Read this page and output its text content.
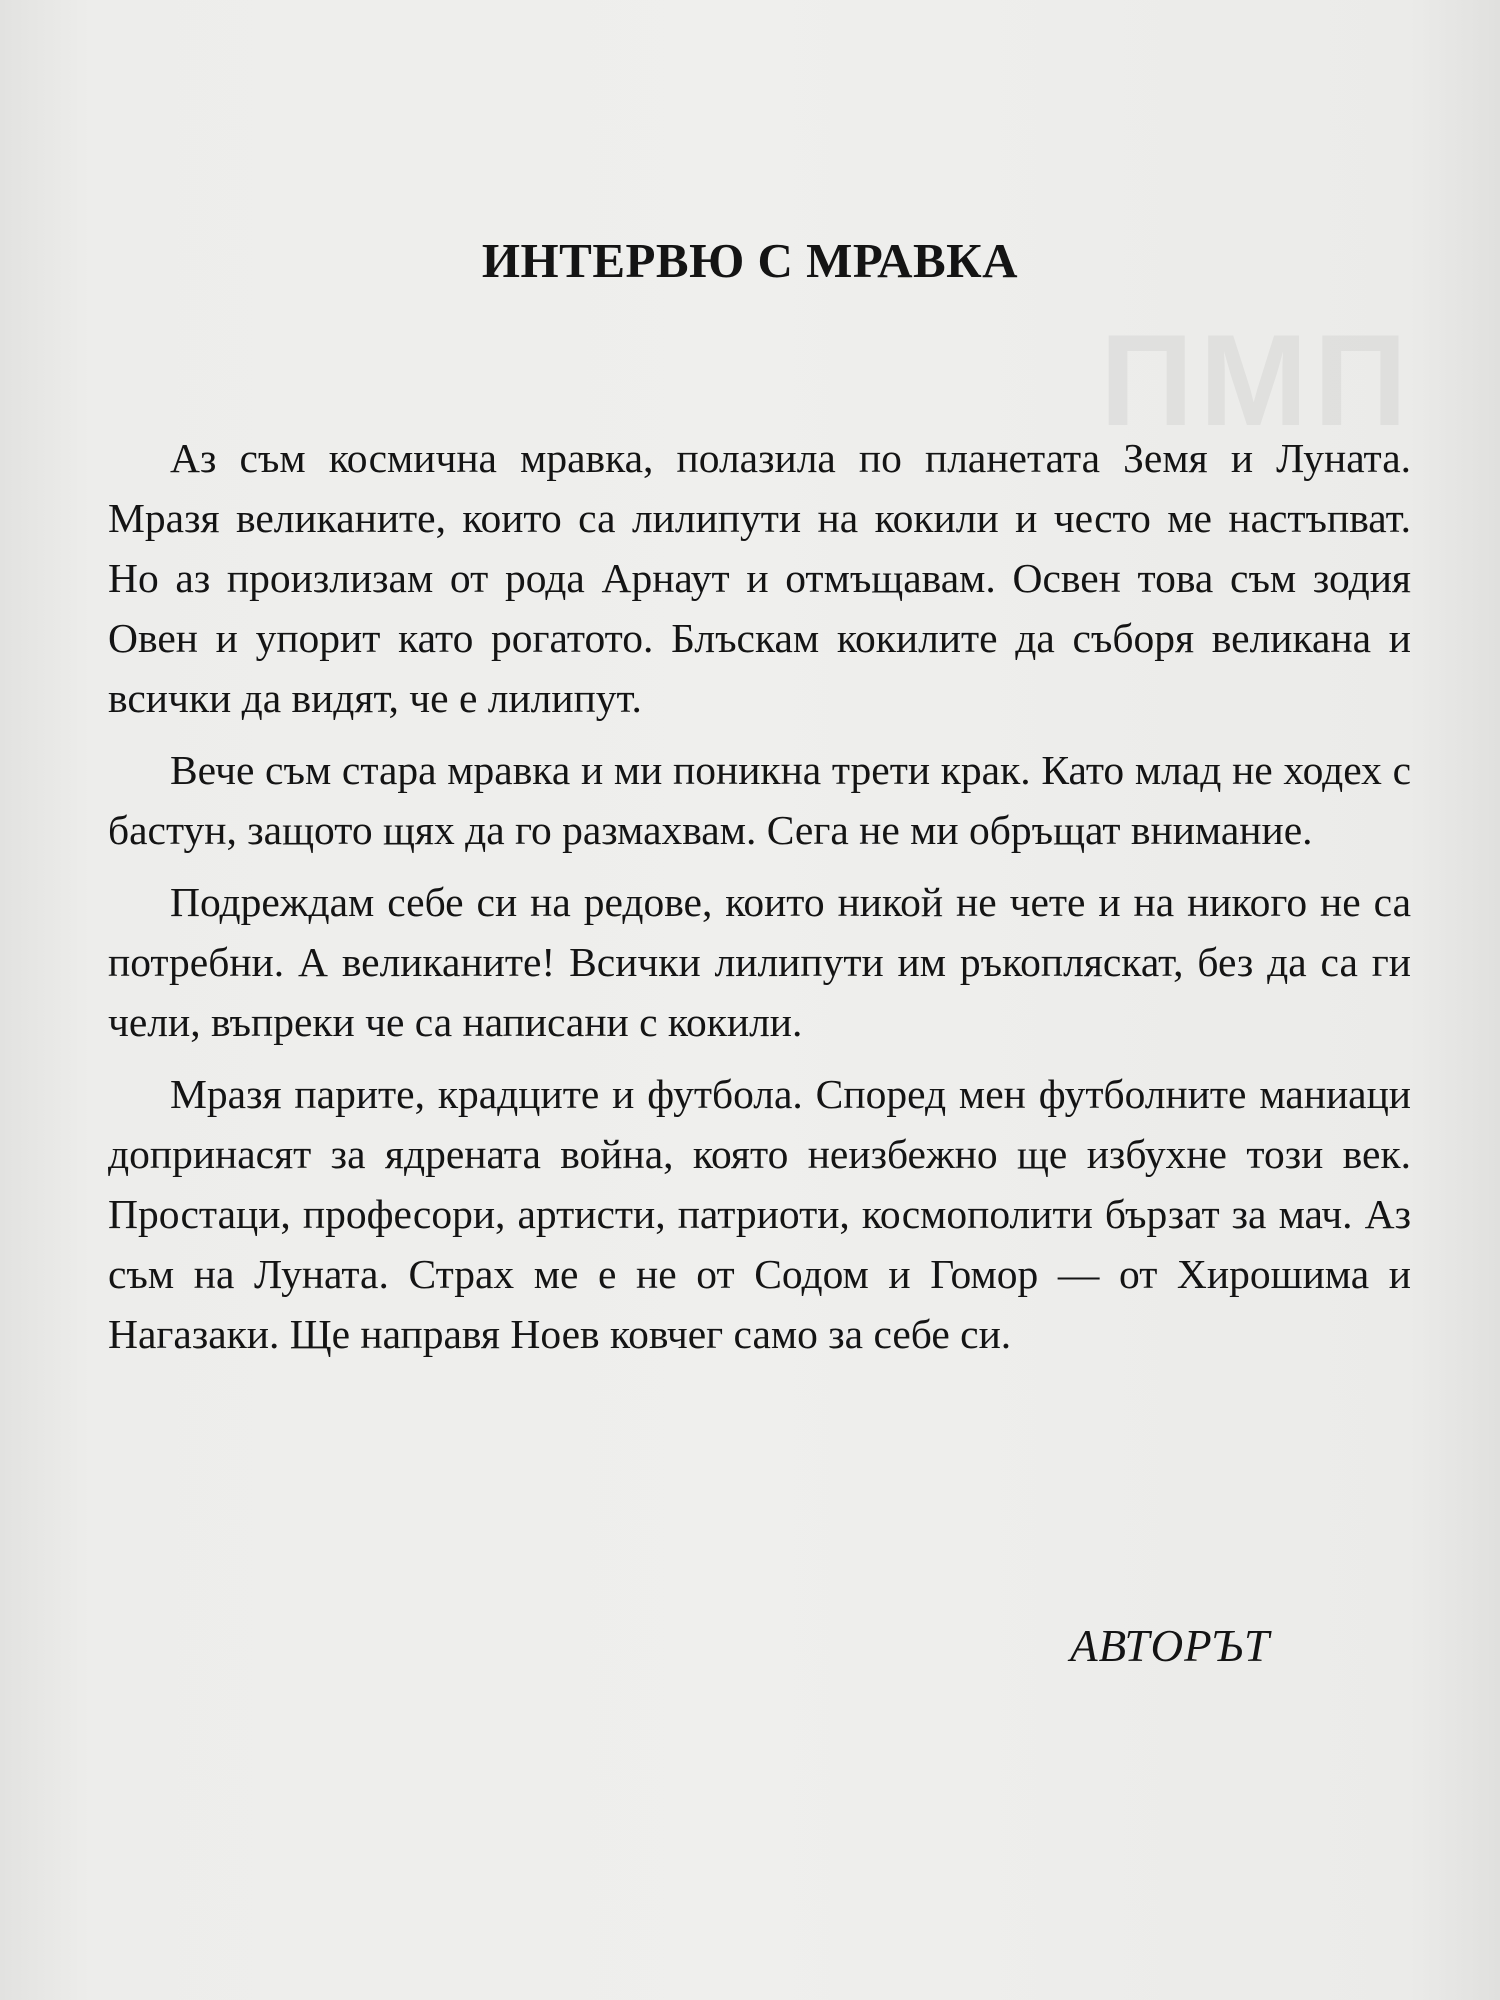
ПМП
ИНТЕРВЮ С МРАВКА

Аз съм космична мравка, полазила по планетата Земя и Луната. Мразя великаните, които са лилипути на кокили и често ме настъпват. Но аз произлизам от рода Арнаут и отмъщавам. Освен това съм зодия Овен и упорит като рогатото. Блъскам кокилите да съборя великана и всички да видят, че е лилипут.

Вече съм стара мравка и ми поникна трети крак. Като млад не ходех с бастун, защото щях да го размахвам. Сега не ми обръщат внимание.

Подреждам себе си на редове, които никой не чете и на никого не са потребни. А великаните! Всички лилипути им ръкопляскат, без да са ги чели, въпреки че са написани с кокили.

Мразя парите, крадците и футбола. Според мен футболните маниаци допринасят за ядрената война, която неизбежно ще избухне този век. Простаци, професори, артисти, патриоти, космополити бързат за мач. Аз съм на Луната. Страх ме е не от Содом и Гомор — от Хирошима и Нагазаки. Ще направя Ноев ковчег само за себе си.

АВТОРЪТ
